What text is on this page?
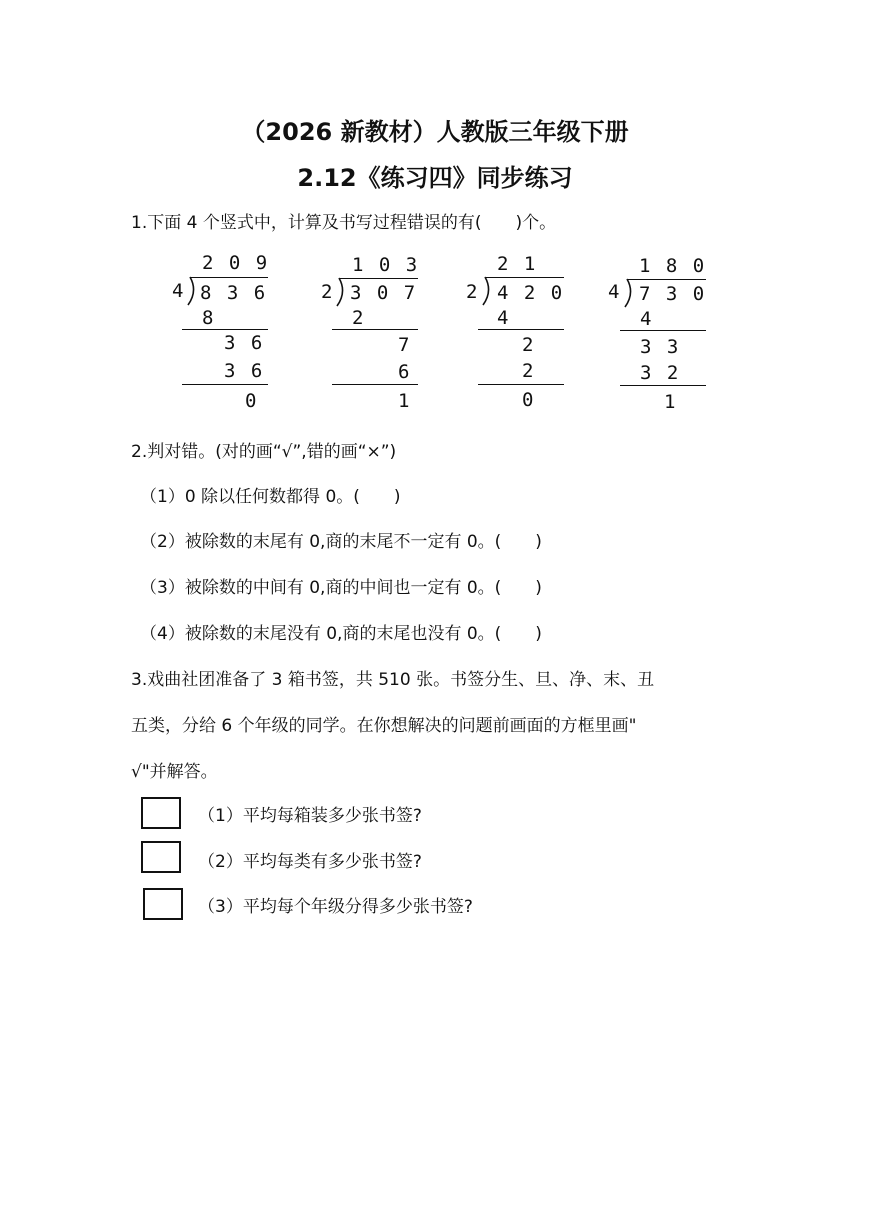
（2026 新教材）人教版三年级下册
2.12《练习四》同步练习
1.下面 4 个竖式中，计算及书写过程错误的有(　　)个。
2 0 9
4 8 3 6
8
3 6
3 6
0
1 0 3
2 3 0 7
2
7
6
1
2 1
2 4 2 0
4
2
2
0
1 8 0
4 7 3 0
4
3 3
3 2
1
2.判对错。(对的画“√”,错的画“×”)
（1）0 除以任何数都得 0。(　　)
（2）被除数的末尾有 0,商的末尾不一定有 0。(　　)
（3）被除数的中间有 0,商的中间也一定有 0。(　　)
（4）被除数的末尾没有 0,商的末尾也没有 0。(　　)
3.戏曲社团准备了 3 箱书签，共 510 张。书签分生、旦、净、末、丑
五类，分给 6 个年级的同学。在你想解决的问题前画面的方框里画"
√"并解答。
（1）平均每箱装多少张书签?
（2）平均每类有多少张书签?
（3）平均每个年级分得多少张书签?
